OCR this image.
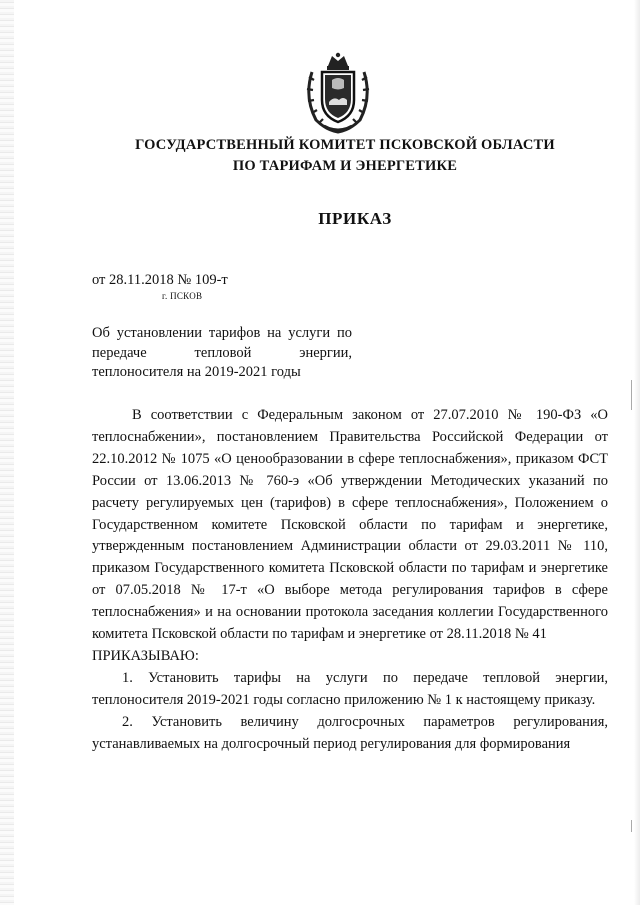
ГОСУДАРСТВЕННЫЙ КОМИТЕТ ПСКОВСКОЙ ОБЛАСТИ
ПО ТАРИФАМ И ЭНЕРГЕТИКЕ
ПРИКАЗ
от 28.11.2018 № 109-т
г. ПСКОВ
Об установлении тарифов на услуги по
передаче тепловой энергии,
теплоносителя на 2019-2021 годы

В соответствии с Федеральным законом от 27.07.2010 № 190-ФЗ «О теплоснабжении», постановлением Правительства Российской Федерации от 22.10.2012 № 1075 «О ценообразовании в сфере теплоснабжения», приказом ФСТ России от 13.06.2013 № 760-э «Об утверждении Методических указаний по расчету регулируемых цен (тарифов) в сфере теплоснабжения», Положением о Государственном комитете Псковской области по тарифам и энергетике, утвержденным постановлением Администрации области от 29.03.2011 № 110, приказом Государственного комитета Псковской области по тарифам и энергетике от 07.05.2018 № 17-т «О выборе метода регулирования тарифов в сфере теплоснабжения» и на основании протокола заседания коллегии Государственного комитета Псковской области по тарифам и энергетике от 28.11.2018 № 41

ПРИКАЗЫВАЮ:

1. Установить тарифы на услуги по передаче тепловой энергии, теплоносителя 2019-2021 годы согласно приложению № 1 к настоящему приказу.

2. Установить величину долгосрочных параметров регулирования, устанавливаемых на долгосрочный период регулирования для формирования
